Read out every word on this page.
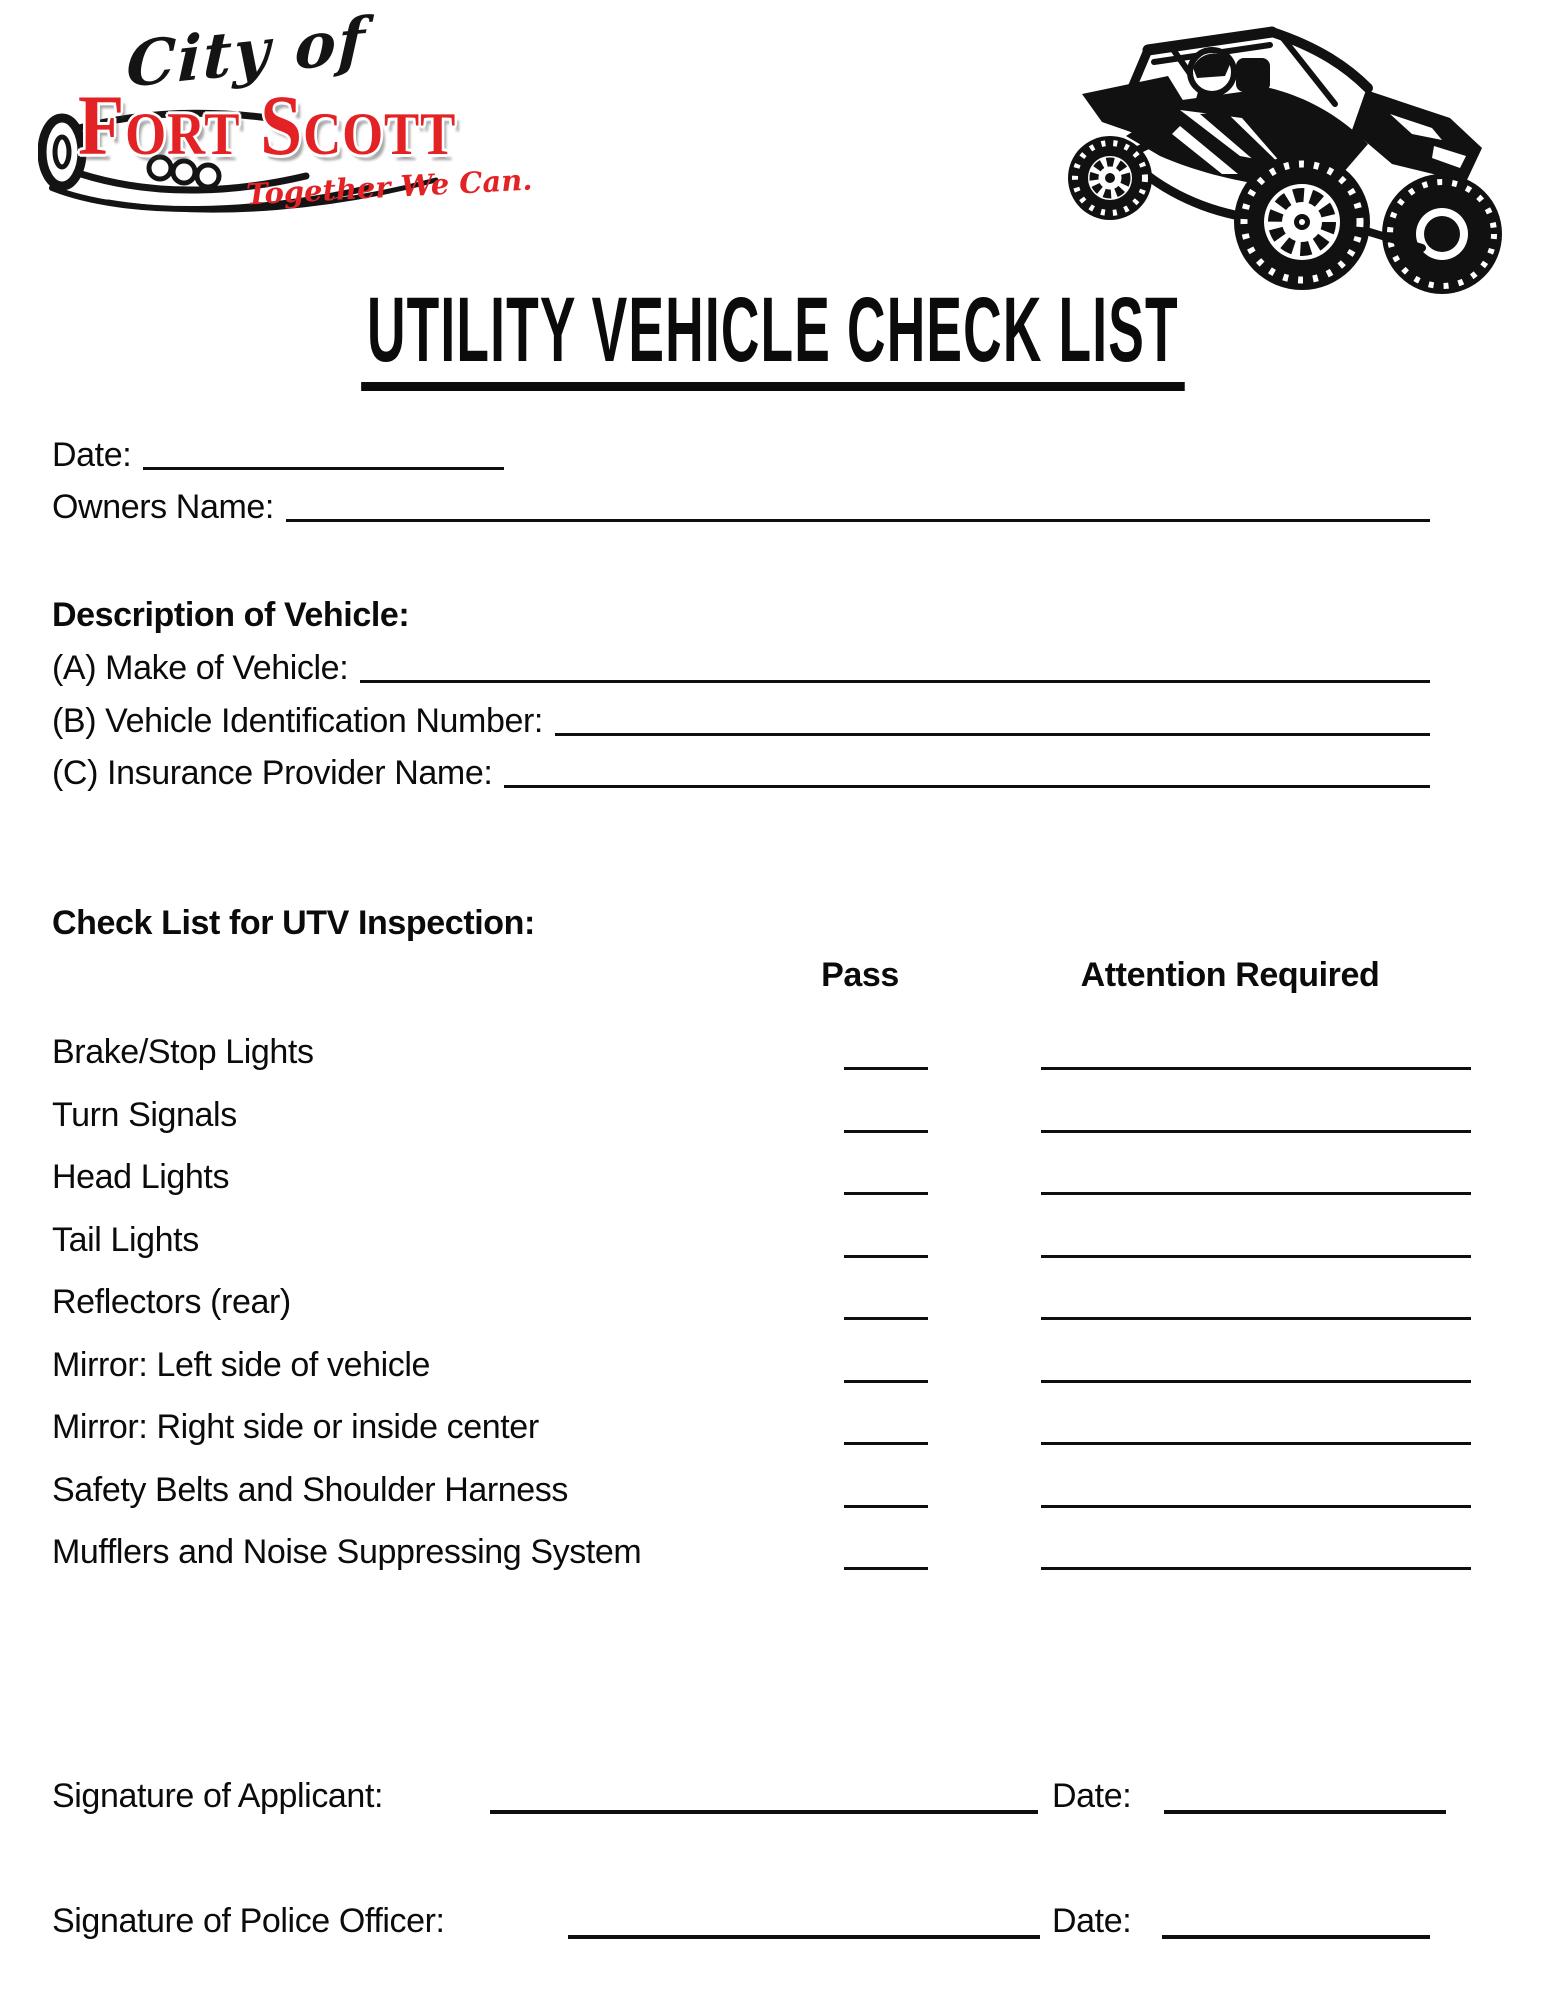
City of
Fort Scott
Together We Can.
UTILITY VEHICLE CHECK LIST
Date:
Owners Name:
Description of Vehicle:
(A) Make of Vehicle:
(B) Vehicle Identification Number:
(C) Insurance Provider Name:
Check List for UTV Inspection:
Pass	Attention Required
Brake/Stop Lights
Turn Signals
Head Lights
Tail Lights
Reflectors (rear)
Mirror: Left side of vehicle
Mirror: Right side or inside center
Safety Belts and Shoulder Harness
Mufflers and Noise Suppressing System
Signature of Applicant:	Date:
Signature of Police Officer:	Date:
